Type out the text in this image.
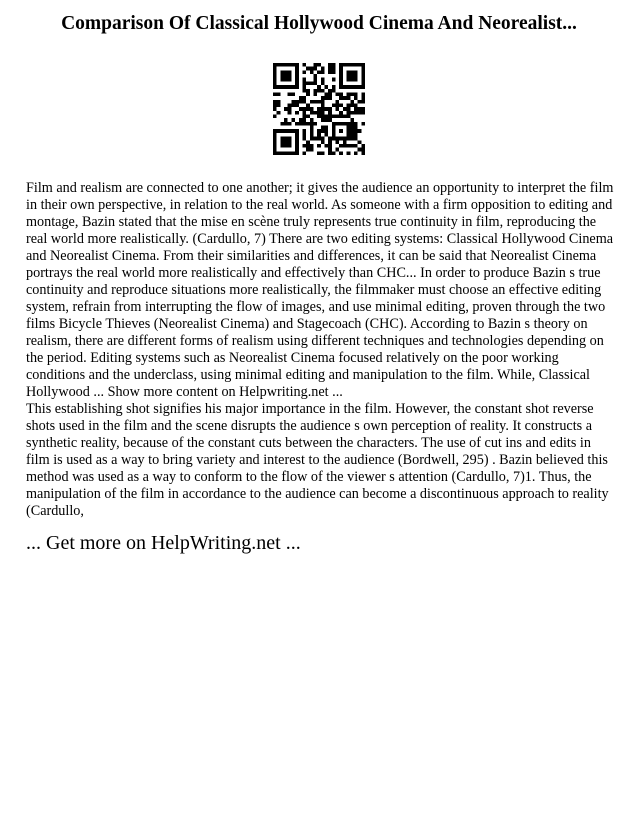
Comparison Of Classical Hollywood Cinema And Neorealist...

Film and realism are connected to one another; it gives the audience an opportunity to interpret the film in their own perspective, in relation to the real world. As someone with a firm opposition to editing and montage, Bazin stated that the mise en scène truly represents true continuity in film, reproducing the real world more realistically. (Cardullo, 7) There are two editing systems: Classical Hollywood Cinema and Neorealist Cinema. From their similarities and differences, it can be said that Neorealist Cinema portrays the real world more realistically and effectively than CHC... In order to produce Bazin s true continuity and reproduce situations more realistically, the filmmaker must choose an effective editing system, refrain from interrupting the flow of images, and use minimal editing, proven through the two films Bicycle Thieves (Neorealist Cinema) and Stagecoach (CHC). According to Bazin s theory on realism, there are different forms of realism using different techniques and technologies depending on the period. Editing systems such as Neorealist Cinema focused relatively on the poor working conditions and the underclass, using minimal editing and manipulation to the film. While, Classical Hollywood ... Show more content on Helpwriting.net ...

This establishing shot signifies his major importance in the film. However, the constant shot reverse shots used in the film and the scene disrupts the audience s own perception of reality. It constructs a synthetic reality, because of the constant cuts between the characters. The use of cut ins and edits in film is used as a way to bring variety and interest to the audience (Bordwell, 295) . Bazin believed this method was used as a way to conform to the flow of the viewer s attention (Cardullo, 7)1. Thus, the manipulation of the film in accordance to the audience can become a discontinuous approach to reality (Cardullo,

... Get more on HelpWriting.net ...
